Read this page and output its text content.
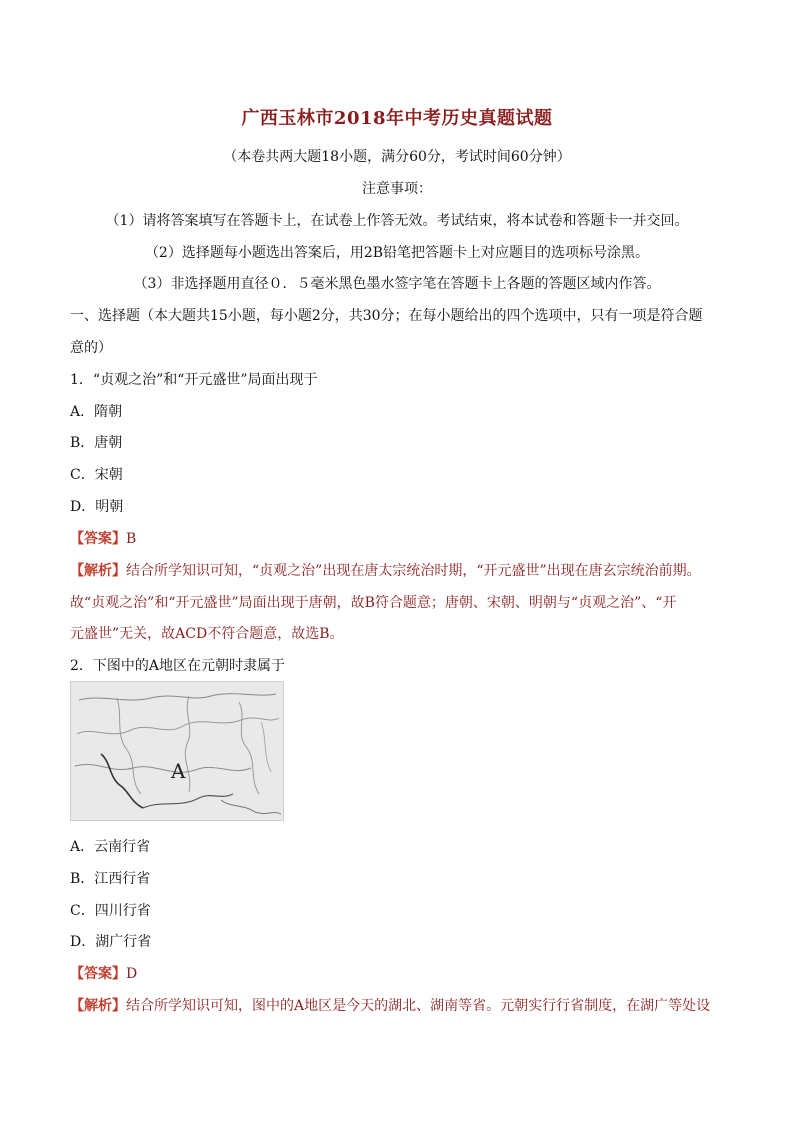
广西玉林市2018年中考历史真题试题
（本卷共两大题18小题，满分60分，考试时间60分钟）
注意事项：
（1）请将答案填写在答题卡上，在试卷上作答无效。考试结束，将本试卷和答题卡一并交回。
（2）选择题每小题选出答案后，用2B铅笔把答题卡上对应题目的选项标号涂黑。
（3）非选择题用直径０．５毫米黑色墨水签字笔在答题卡上各题的答题区域内作答。
一、选择题（本大题共15小题，每小题2分，共30分；在每小题给出的四个选项中，只有一项是符合题
意的）
1．“贞观之治”和“开元盛世”局面出现于
A．隋朝
B．唐朝
C．宋朝
D．明朝
【答案】B
【解析】结合所学知识可知，“贞观之治”出现在唐太宗统治时期，“开元盛世”出现在唐玄宗统治前期。
故“贞观之治”和“开元盛世”局面出现于唐朝，故B符合题意；唐朝、宋朝、明朝与“贞观之治”、“开
元盛世”无关，故ACD不符合题意，故选B。
2．下图中的A地区在元朝时隶属于
A
A．云南行省
B．江西行省
C．四川行省
D．湖广行省
【答案】D
【解析】结合所学知识可知，图中的A地区是今天的湖北、湖南等省。元朝实行行省制度，在湖广等处设
